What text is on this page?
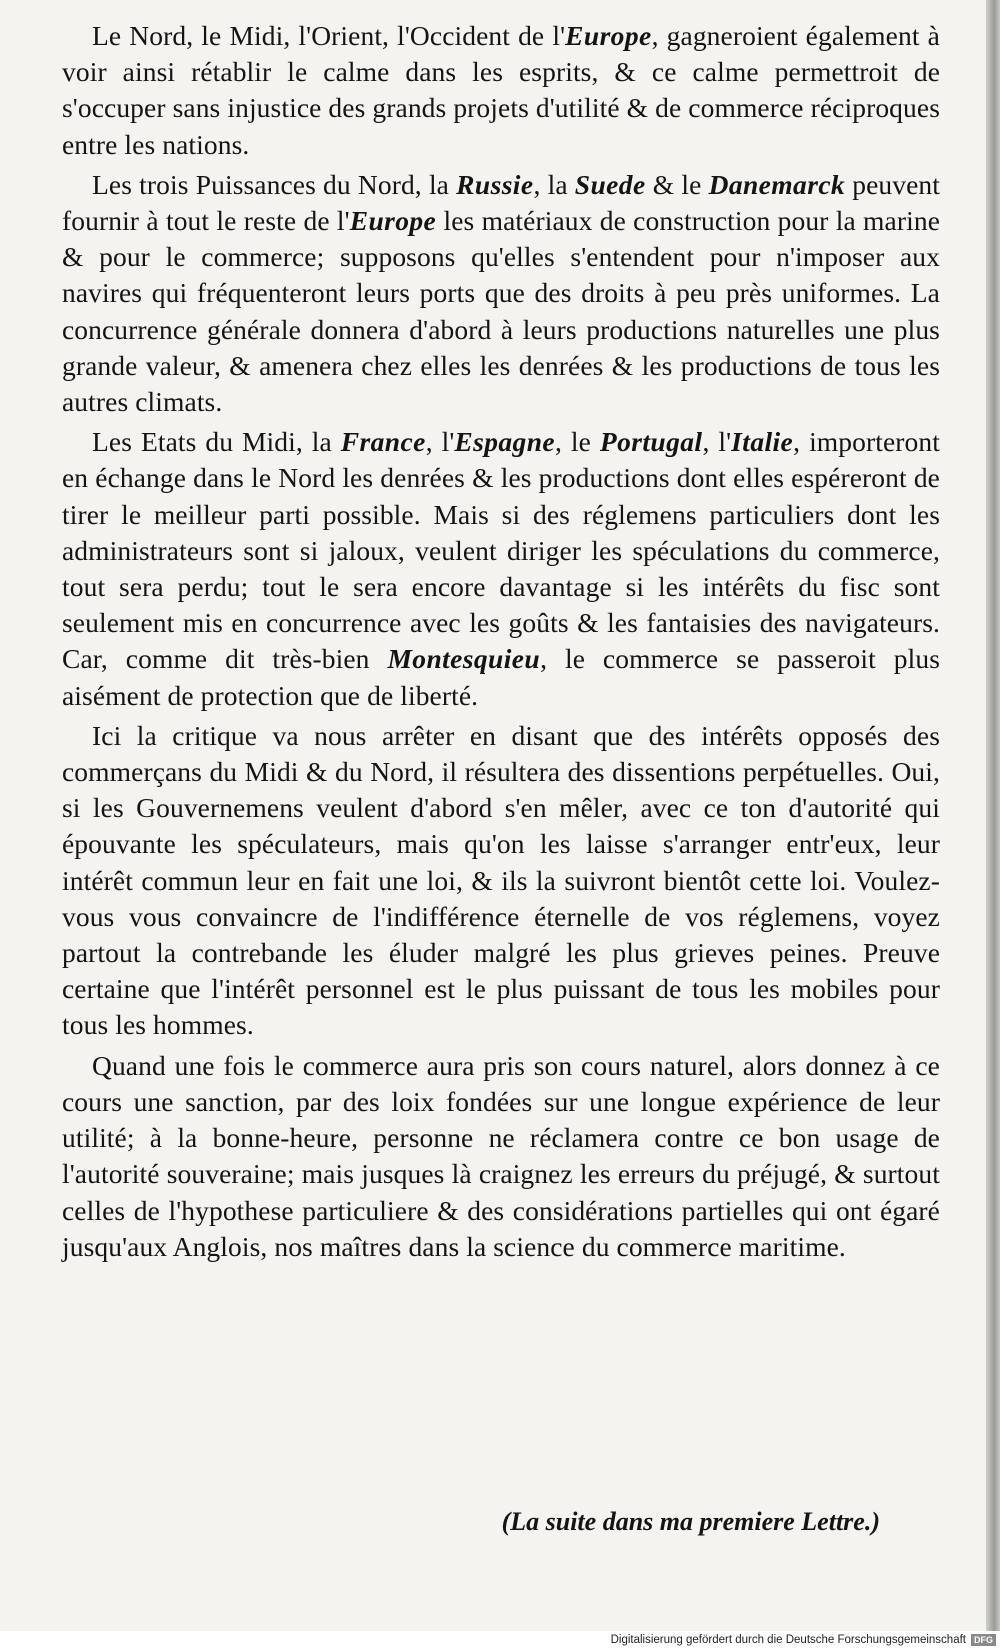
Le Nord, le Midi, l'Orient, l'Occident de l'Europe, gagneroient également à voir ainsi rétablir le calme dans les esprits, & ce calme permettroit de s'occuper sans injustice des grands projets d'utilité & de commerce réciproques entre les nations.

Les trois Puissances du Nord, la Russie, la Suede & le Danemarck peuvent fournir à tout le reste de l'Europe les matériaux de construction pour la marine & pour le commerce; supposons qu'elles s'entendent pour n'imposer aux navires qui fréquenteront leurs ports que des droits à peu près uniformes. La concurrence générale donnera d'abord à leurs productions naturelles une plus grande valeur, & amenera chez elles les denrées & les productions de tous les autres climats.

Les Etats du Midi, la France, l'Espagne, le Portugal, l'Italie, importeront en échange dans le Nord les denrées & les productions dont elles espéreront de tirer le meilleur parti possible. Mais si des réglemens particuliers dont les administrateurs sont si jaloux, veulent diriger les spéculations du commerce, tout sera perdu; tout le sera encore davantage si les intérêts du fisc sont seulement mis en concurrence avec les goûts & les fantaisies des navigateurs. Car, comme dit très-bien Montesquieu, le commerce se passeroit plus aisément de protection que de liberté.

Ici la critique va nous arrêter en disant que des intérêts opposés des commerçans du Midi & du Nord, il résultera des dissentions perpétuelles. Oui, si les Gouvernemens veulent d'abord s'en mêler, avec ce ton d'autorité qui épouvante les spéculateurs, mais qu'on les laisse s'arranger entr'eux, leur intérêt commun leur en fait une loi, & ils la suivront bientôt cette loi. Voulez-vous vous convaincre de l'indifférence éternelle de vos réglemens, voyez partout la contrebande les éluder malgré les plus grieves peines. Preuve certaine que l'intérêt personnel est le plus puissant de tous les mobiles pour tous les hommes.

Quand une fois le commerce aura pris son cours naturel, alors donnez à ce cours une sanction, par des loix fondées sur une longue expérience de leur utilité; à la bonne-heure, personne ne réclamera contre ce bon usage de l'autorité souveraine; mais jusques là craignez les erreurs du préjugé, & surtout celles de l'hypothese particuliere & des considérations partielles qui ont égaré jusqu'aux Anglois, nos maîtres dans la science du commerce maritime.

(La suite dans ma premiere Lettre.)
Digitalisierung gefördert durch die Deutsche Forschungsgemeinschaft DFG
